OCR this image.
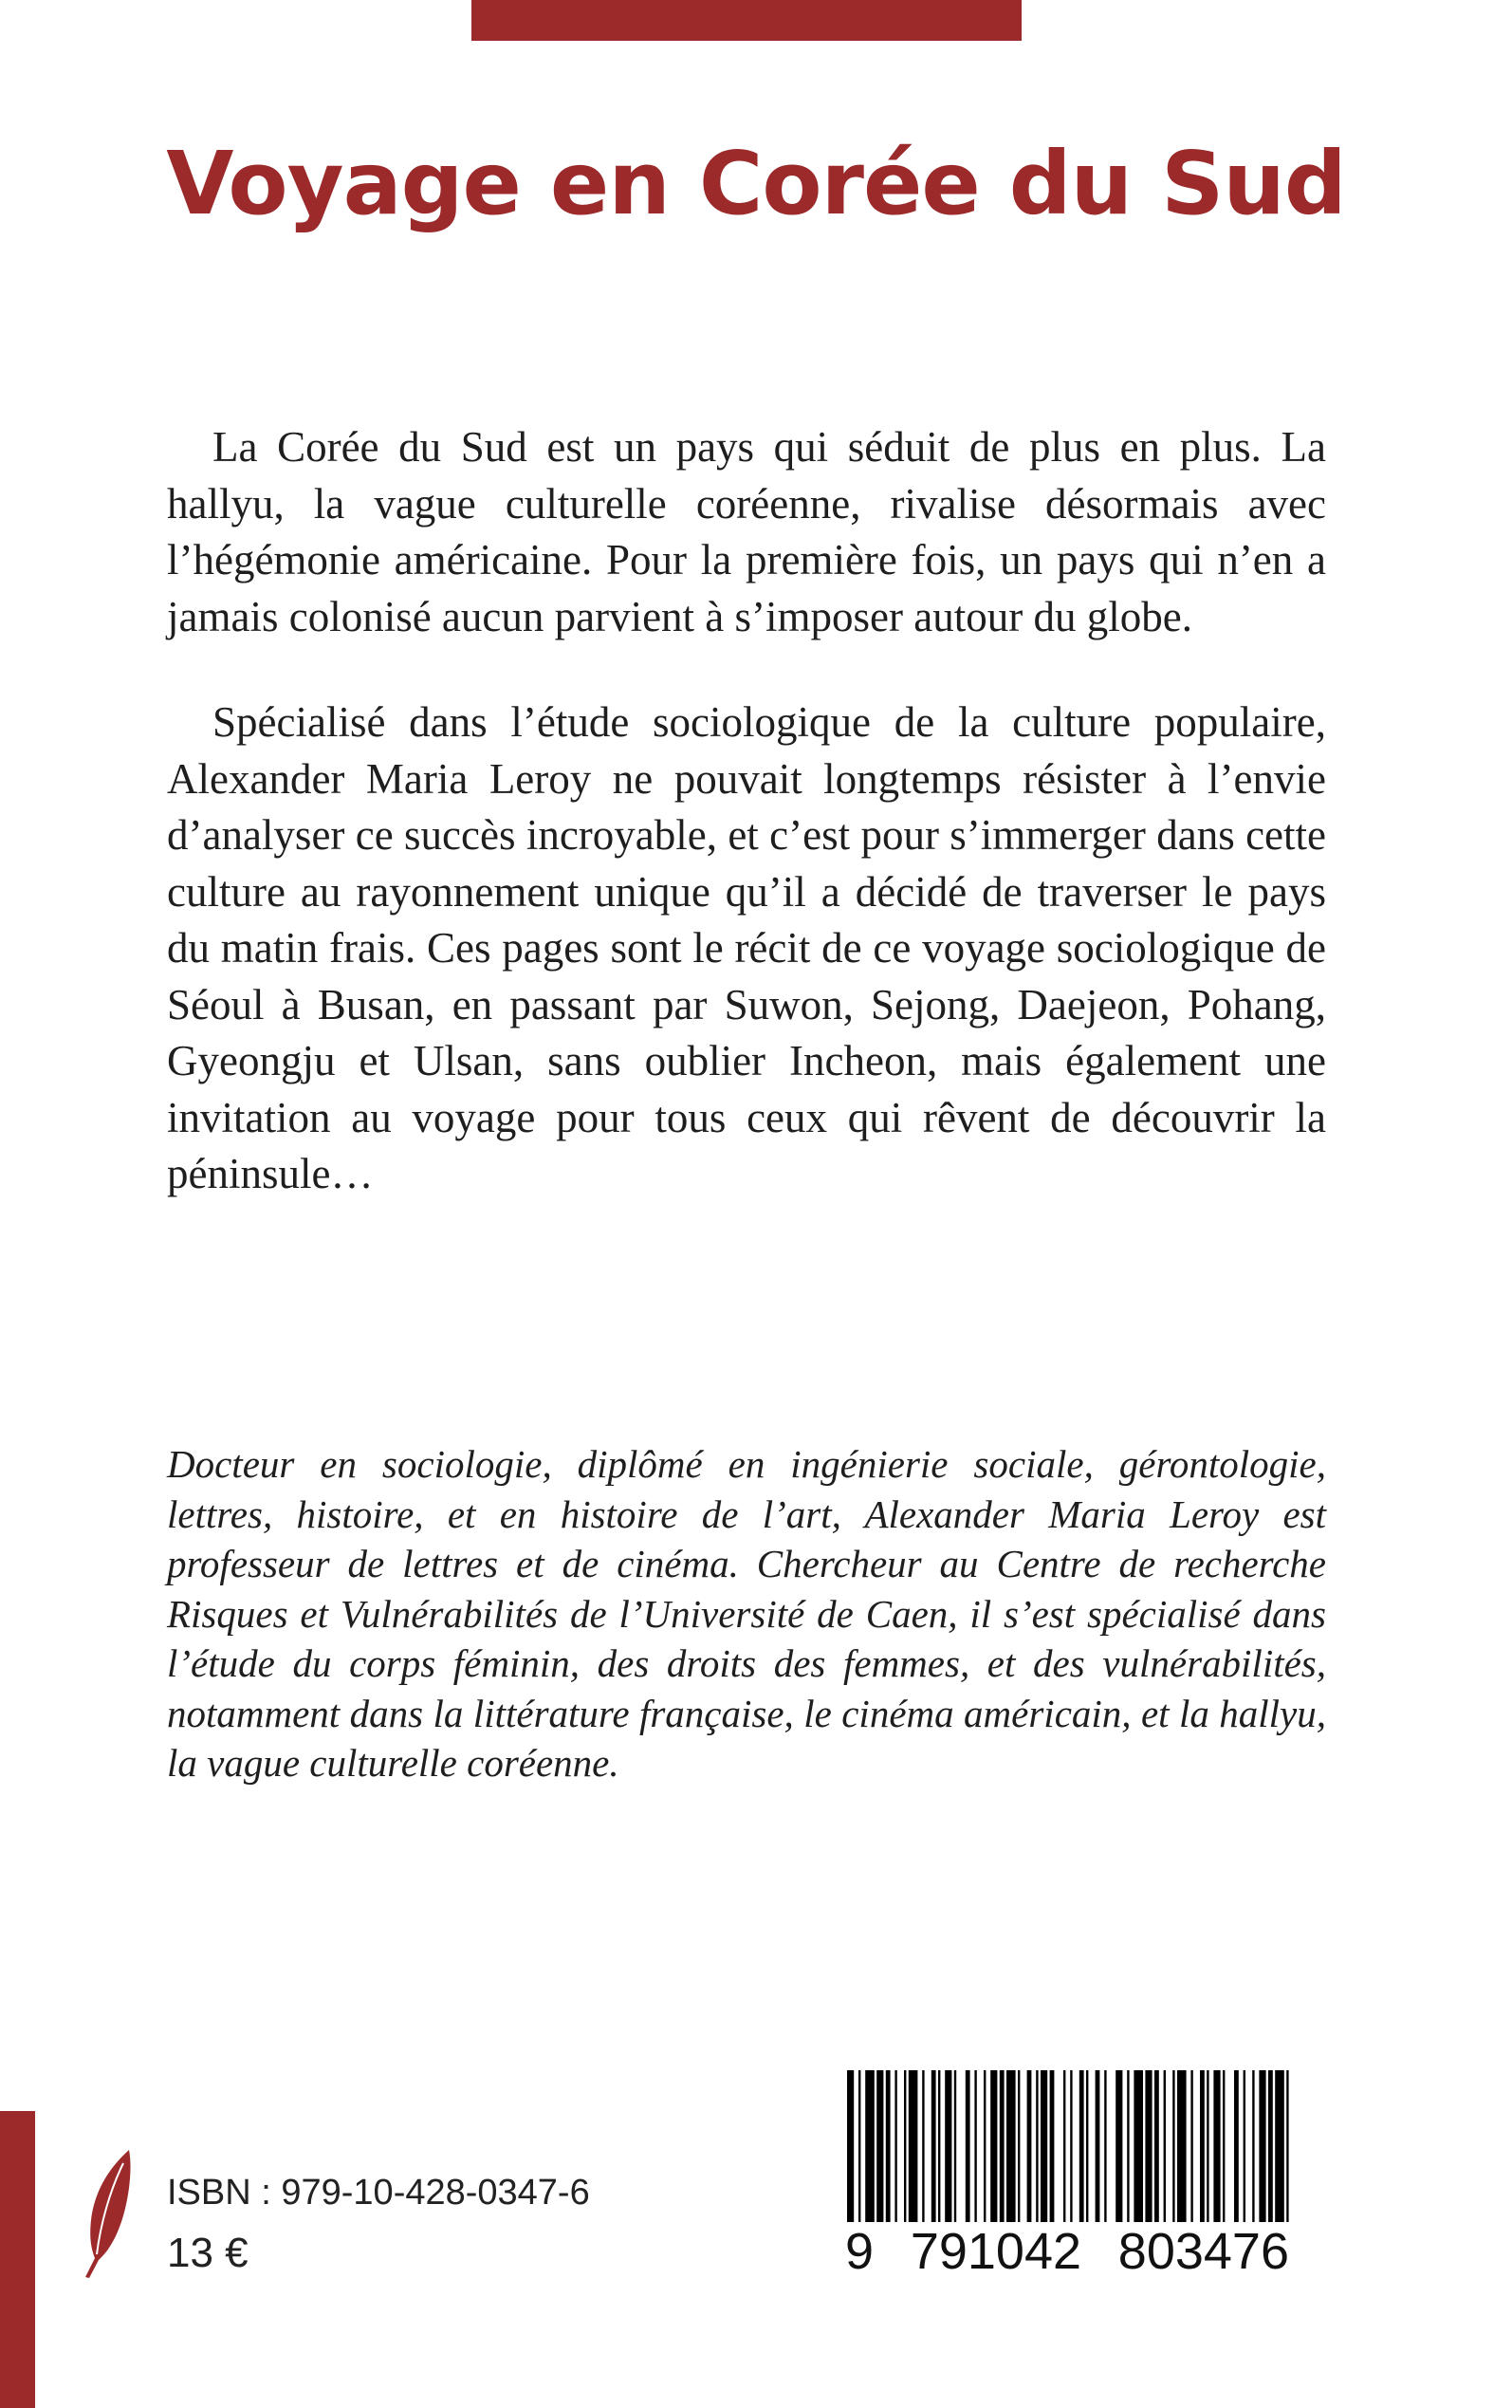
Voyage en Corée du Sud

La Corée du Sud est un pays qui séduit de plus en plus. La hallyu, la vague culturelle coréenne, rivalise désormais avec l’hégémonie américaine. Pour la première fois, un pays qui n’en a jamais colonisé aucun parvient à s’imposer autour du globe.

Spécialisé dans l’étude sociologique de la culture populaire, Alexander Maria Leroy ne pouvait longtemps résister à l’envie d’analyser ce succès incroyable, et c’est pour s’immerger dans cette culture au rayonnement unique qu’il a décidé de traverser le pays du matin frais. Ces pages sont le récit de ce voyage sociologique de Séoul à Busan, en passant par Suwon, Sejong, Daejeon, Pohang, Gyeongju et Ulsan, sans oublier Incheon, mais également une invitation au voyage pour tous ceux qui rêvent de découvrir la péninsule…

Docteur en sociologie, diplômé en ingénierie sociale, gérontologie, lettres, histoire, et en histoire de l’art, Alexander Maria Leroy est professeur de lettres et de cinéma. Chercheur au Centre de recherche Risques et Vulnérabilités de l’Université de Caen, il s’est spécialisé dans l’étude du corps féminin, des droits des femmes, et des vulnérabilités, notamment dans la littérature française, le cinéma américain, et la hallyu, la vague culturelle coréenne.

ISBN : 979-10-428-0347-6

13 €	9 791042 803476
